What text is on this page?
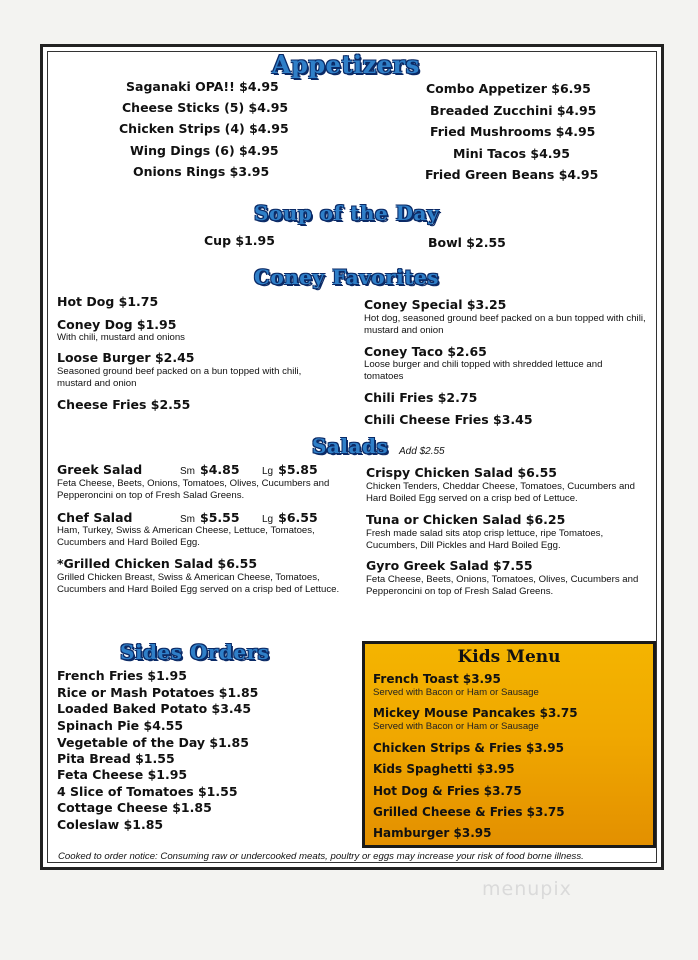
Appetizers
Saganaki OPA!! $4.95
Cheese Sticks (5) $4.95
Chicken Strips (4) $4.95
Wing Dings (6) $4.95
Onions Rings $3.95
Combo Appetizer $6.95
Breaded Zucchini $4.95
Fried Mushrooms $4.95
Mini Tacos $4.95
Fried Green Beans $4.95
Soup of the Day
Cup $1.95	Bowl $2.55
Coney Favorites
Hot Dog $1.75
Coney Dog $1.95
With chili, mustard and onions
Loose Burger $2.45
Seasoned ground beef packed on a bun topped with chili, mustard and onion
Cheese Fries $2.55
Coney Special $3.25
Hot dog, seasoned ground beef packed on a bun topped with chili, mustard and onion
Coney Taco $2.65
Loose burger and chili topped with shredded lettuce and tomatoes
Chili Fries $2.75
Chili Cheese Fries $3.45
Salads Add $2.55
Greek Salad	Sm $4.85 Lg $5.85
Feta Cheese, Beets, Onions, Tomatoes, Olives, Cucumbers and Pepperoncini on top of Fresh Salad Greens.
Chef Salad	Sm $5.55 Lg $6.55
Ham, Turkey, Swiss & American Cheese, Lettuce, Tomatoes, Cucumbers and Hard Boiled Egg.
*Grilled Chicken Salad $6.55
Grilled Chicken Breast, Swiss & American Cheese, Tomatoes, Cucumbers and Hard Boiled Egg served on a crisp bed of Lettuce.
Crispy Chicken Salad $6.55
Chicken Tenders, Cheddar Cheese, Tomatoes, Cucumbers and Hard Boiled Egg served on a crisp bed of Lettuce.
Tuna or Chicken Salad $6.25
Fresh made salad sits atop crisp lettuce, ripe Tomatoes, Cucumbers, Dill Pickles and Hard Boiled Egg.
Gyro Greek Salad $7.55
Feta Cheese, Beets, Onions, Tomatoes, Olives, Cucumbers and Pepperoncini on top of Fresh Salad Greens.
Sides Orders
French Fries $1.95
Rice or Mash Potatoes $1.85
Loaded Baked Potato $3.45
Spinach Pie $4.55
Vegetable of the Day $1.85
Pita Bread $1.55
Feta Cheese $1.95
4 Slice of Tomatoes $1.55
Cottage Cheese $1.85
Coleslaw $1.85
Kids Menu
French Toast $3.95
Served with Bacon or Ham or Sausage
Mickey Mouse Pancakes $3.75
Served with Bacon or Ham or Sausage
Chicken Strips & Fries $3.95
Kids Spaghetti $3.95
Hot Dog & Fries $3.75
Grilled Cheese & Fries $3.75
Hamburger $3.95
Cooked to order notice: Consuming raw or undercooked meats, poultry or eggs may increase your risk of food borne illness.
menupix
